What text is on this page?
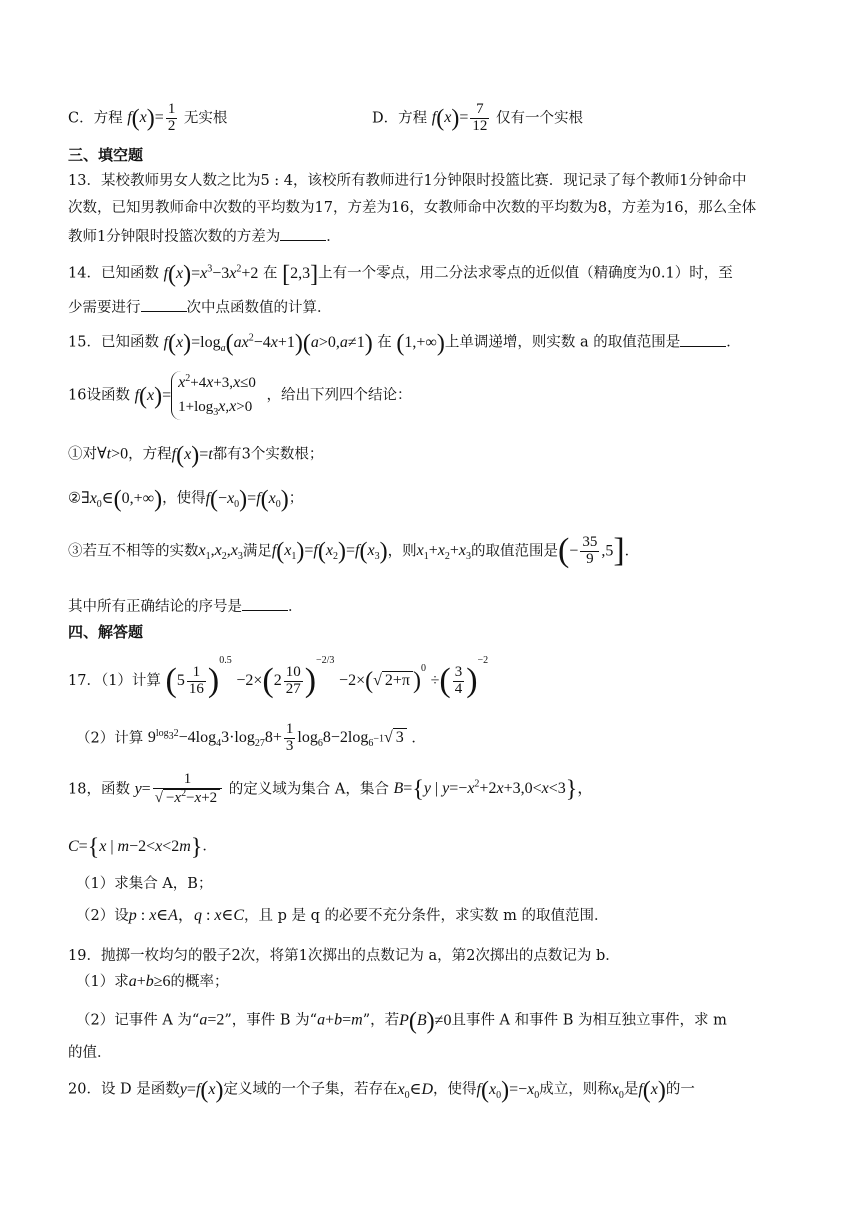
C．方程 $f(x)= \frac{1}{2}$ 无实根	D．方程 $f(x)= \frac{7}{12}$ 仅有一个实根
三、填空题
13．某校教师男女人数之比为5 : 4，该校所有教师进行1分钟限时投篮比赛．现记录了每个教师1分钟命中
次数，已知男教师命中次数的平均数为17，方差为16，女教师命中次数的平均数为8，方差为16，那么全体
教师1分钟限时投篮次数的方差为	．
14．已知函数 $f(x)=x^3-3x^2+2$ 在 [2,3]上有一个零点，用二分法求零点的近似值（精确度为0.1）时，至
少需要进行	次中点函数值的计算．
15．已知函数 $f(x)=\log_a(ax^2-4x+1)(a>0,a\ne 1)$ 在 (1,+∞)上单调递增，则实数 a 的取值范围是	．
16设函数 f(x)=
$x^2+4x+3,x\le 0$
$1+\log_3x,x>0$
，给出下列四个结论：
①对∀t>0，方程f(x)=t都有3个实数根；
$②\exists x_0\in(0,+\infty)$，使得$f(-x_0)=f(x_0)$；
③若互不相等的实数$x_1,x_2,x_3$满足$f(x_1)=f(x_2)=f(x_3)$，则$x_1+x_2+x_3$的取值范围是(− $\frac{35}{9} ,5$]．
其中所有正确结论的序号是	．
四、解答题
17．（1）计算 $(5 \frac{1}{16} )^{0.5} -2\times(2 \frac{10}{27} )^{-2/3} -2\times(√$ 2+π )$^0$ ÷( $\frac{3}{4} )^{-2}$
（2）计算 $9^{log_32}-4\log_43\cdot\log_{27}8+ \frac{1}{3} \log_68-2\log_{6^{-1}}√$ 3 ．
18，函数 $y= \frac{1}{√ -x^2-x+2}$ 的定义域为集合 A，集合 B={y | $y=-x^2+2x+3,0<x<3$}，
C={x | m−2<x<2m}．
（1）求集合 A，B；
（2）设p : x∈A，q : x∈C，且 p 是 q 的必要不充分条件，求实数 m 的取值范围．
19．抛掷一枚均匀的骰子2次，将第1次掷出的点数记为 a，第2次掷出的点数记为 b．
（1）求a+b≥6的概率；
（2）记事件 A 为“a=2”，事件 B 为“a+b=m”，若P(B)≠0且事件 A 和事件 B 为相互独立事件，求 m
的值．
20．设 D 是函数y=f(x)定义域的一个子集，若存在$x_0\in D$，使得$f(x_0)=-x_0$成立，则称$x_0$是f(x)的一
